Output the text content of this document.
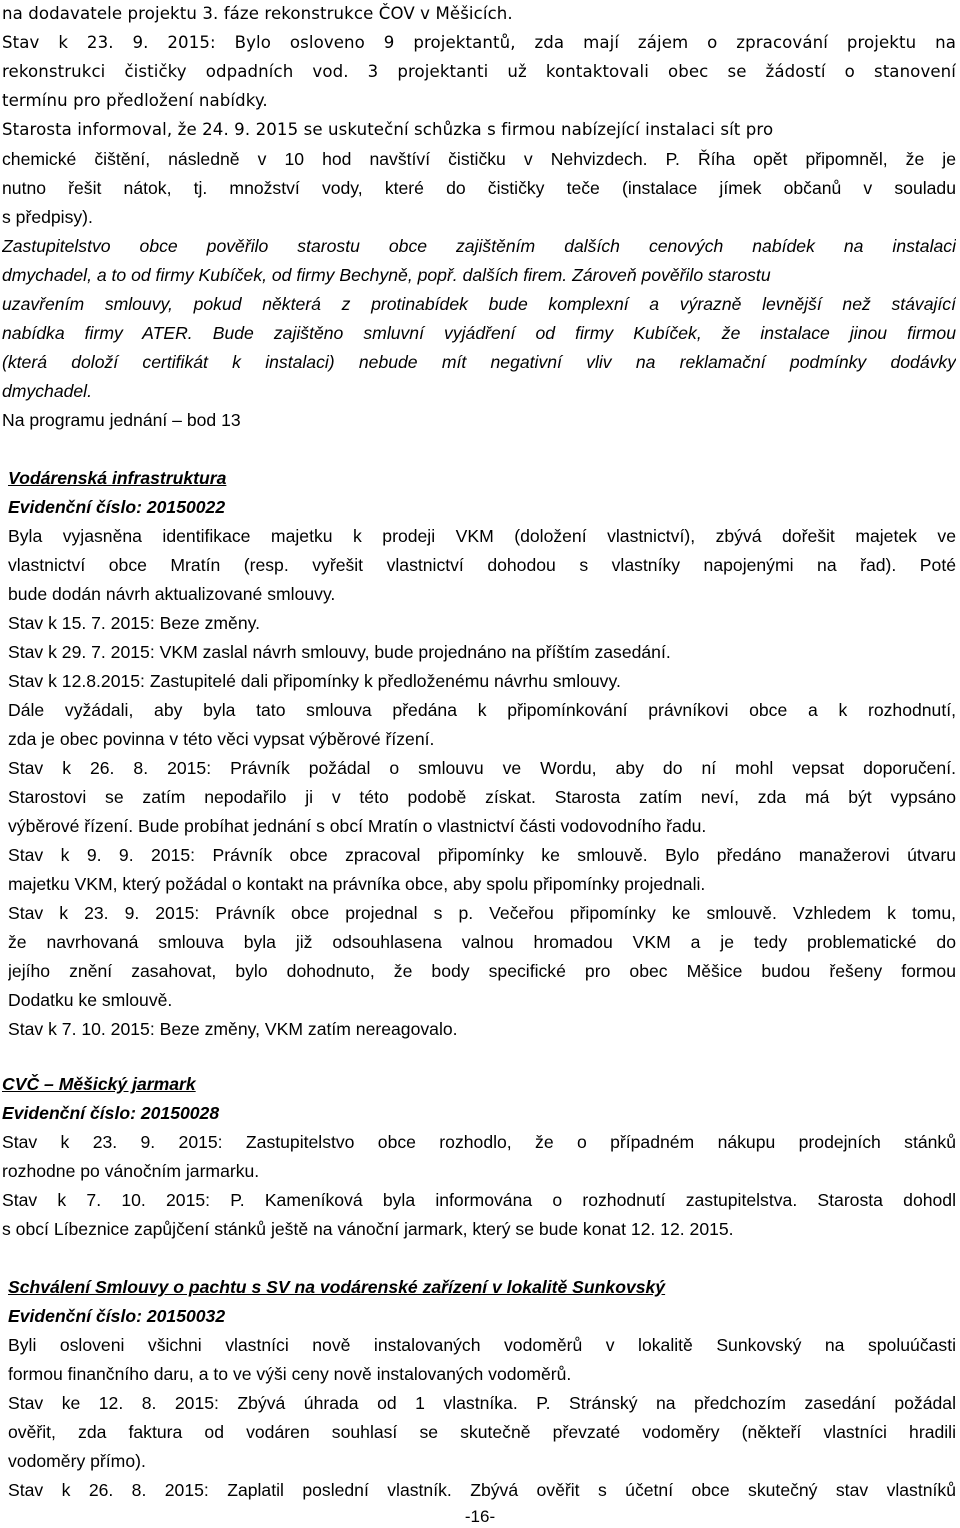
na dodavatele projektu 3. fáze rekonstrukce ČOV v Měšicích.
Stav k 23. 9. 2015: Bylo osloveno 9 projektantů, zda mají zájem o zpracování projektu na
rekonstrukci čističky odpadních vod. 3 projektanti už kontaktovali obec se žádostí o stanovení
termínu pro předložení nabídky.
Starosta informoval, že 24. 9. 2015 se uskuteční schůzka s firmou nabízející instalaci sít pro
chemické čištění, následně v 10 hod navštíví čističku v Nehvizdech. P. Říha opět připomněl, že je
nutno řešit nátok, tj. množství vody, které do čističky teče (instalace jímek občanů v souladu
s předpisy).
Zastupitelstvo obce pověřilo starostu obce zajištěním dalších cenových nabídek na instalaci
dmychadel, a to od firmy Kubíček, od firmy Bechyně, popř. dalších firem. Zároveň pověřilo starostu
uzavřením smlouvy, pokud některá z protinabídek bude komplexní a výrazně levnější než stávající
nabídka firmy ATER. Bude zajištěno smluvní vyjádření od firmy Kubíček, že instalace jinou firmou
(která doloží certifikát k instalaci) nebude mít negativní vliv na reklamační podmínky dodávky
dmychadel.
Na programu jednání – bod 13
Vodárenská infrastruktura
Evidenční číslo: 20150022
Byla vyjasněna identifikace majetku k prodeji VKM (doložení vlastnictví), zbývá dořešit majetek ve
vlastnictví obce Mratín (resp. vyřešit vlastnictví dohodou s vlastníky napojenými na řad). Poté
bude dodán návrh aktualizované smlouvy.
Stav k 15. 7. 2015: Beze změny.
Stav k 29. 7. 2015: VKM zaslal návrh smlouvy, bude projednáno na příštím zasedání.
Stav k 12.8.2015: Zastupitelé dali připomínky k předloženému návrhu smlouvy.
Dále vyžádali, aby byla tato smlouva předána k připomínkování právníkovi obce a k rozhodnutí,
zda je obec povinna v této věci vypsat výběrové řízení.
Stav k 26. 8. 2015: Právník požádal o smlouvu ve Wordu, aby do ní mohl vepsat doporučení.
Starostovi se zatím nepodařilo ji v této podobě získat. Starosta zatím neví, zda má být vypsáno
výběrové řízení. Bude probíhat jednání s obcí Mratín o vlastnictví části vodovodního řadu.
Stav k 9. 9. 2015: Právník obce zpracoval připomínky ke smlouvě. Bylo předáno manažerovi útvaru
majetku VKM, který požádal o kontakt na právníka obce, aby spolu připomínky projednali.
Stav k 23. 9. 2015: Právník obce projednal s p. Večeřou připomínky ke smlouvě. Vzhledem k tomu,
že navrhovaná smlouva byla již odsouhlasena valnou hromadou VKM a je tedy problematické do
jejího znění zasahovat, bylo dohodnuto, že body specifické pro obec Měšice budou řešeny formou
Dodatku ke smlouvě.
Stav k 7. 10. 2015: Beze změny, VKM zatím nereagovalo.
CVČ – Měšický jarmark
Evidenční číslo: 20150028
Stav k 23. 9. 2015: Zastupitelstvo obce rozhodlo, že o případném nákupu prodejních stánků
rozhodne po vánočním jarmarku.
Stav k 7. 10. 2015: P. Kameníková byla informována o rozhodnutí zastupitelstva. Starosta dohodl
s obcí Líbeznice zapůjčení stánků ještě na vánoční jarmark, který se bude konat 12. 12. 2015.
Schválení Smlouvy o pachtu s SV na vodárenské zařízení v lokalitě Sunkovský
Evidenční číslo: 20150032
Byli osloveni všichni vlastníci nově instalovaných vodoměrů v lokalitě Sunkovský na spoluúčasti
formou finančního daru, a to ve výši ceny nově instalovaných vodoměrů.
Stav ke 12. 8. 2015: Zbývá úhrada od 1 vlastníka. P. Stránský na předchozím zasedání požádal
ověřit, zda faktura od vodáren souhlasí se skutečně převzaté vodoměry (někteří vlastníci hradili
vodoměry přímo).
Stav k 26. 8. 2015: Zaplatil poslední vlastník. Zbývá ověřit s účetní obce skutečný stav vlastníků
-16-
